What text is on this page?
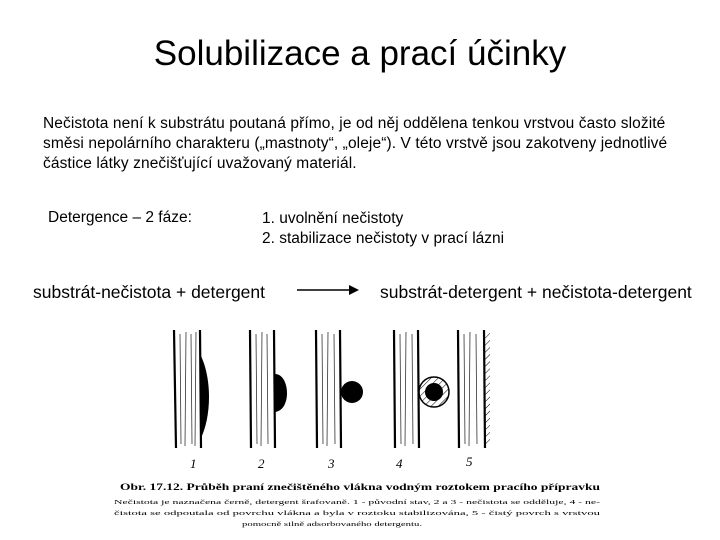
Solubilizace a prací účinky
Nečistota není k substrátu poutaná přímo, je od něj oddělena tenkou vrstvou často složité
směsi nepolárního charakteru („mastnoty“, „oleje“). V této vrstvě jsou zakotveny jednotlivé
částice látky znečišťující uvažovaný materiál.
Detergence – 2 fáze:	1. uvolnění nečistoty
2. stabilizace nečistoty v prací lázni
substrát-nečistota + detergent → substrát-detergent + nečistota-detergent
1	2	3	4	5
Obr. 17.12. Průběh praní znečištěného vlákna vodným roztokem pracího přípravku
Nečistota je naznačena černě, detergent šrafovaně. 1 - původní stav, 2 a 3 - nečistota se odděluje, 4 - ne-
čistota se odpoutala od povrchu vlákna a byla v roztoku stabilizována, 5 - čistý povrch s vrstvou
pomocně silně adsorbovaného detergentu.
